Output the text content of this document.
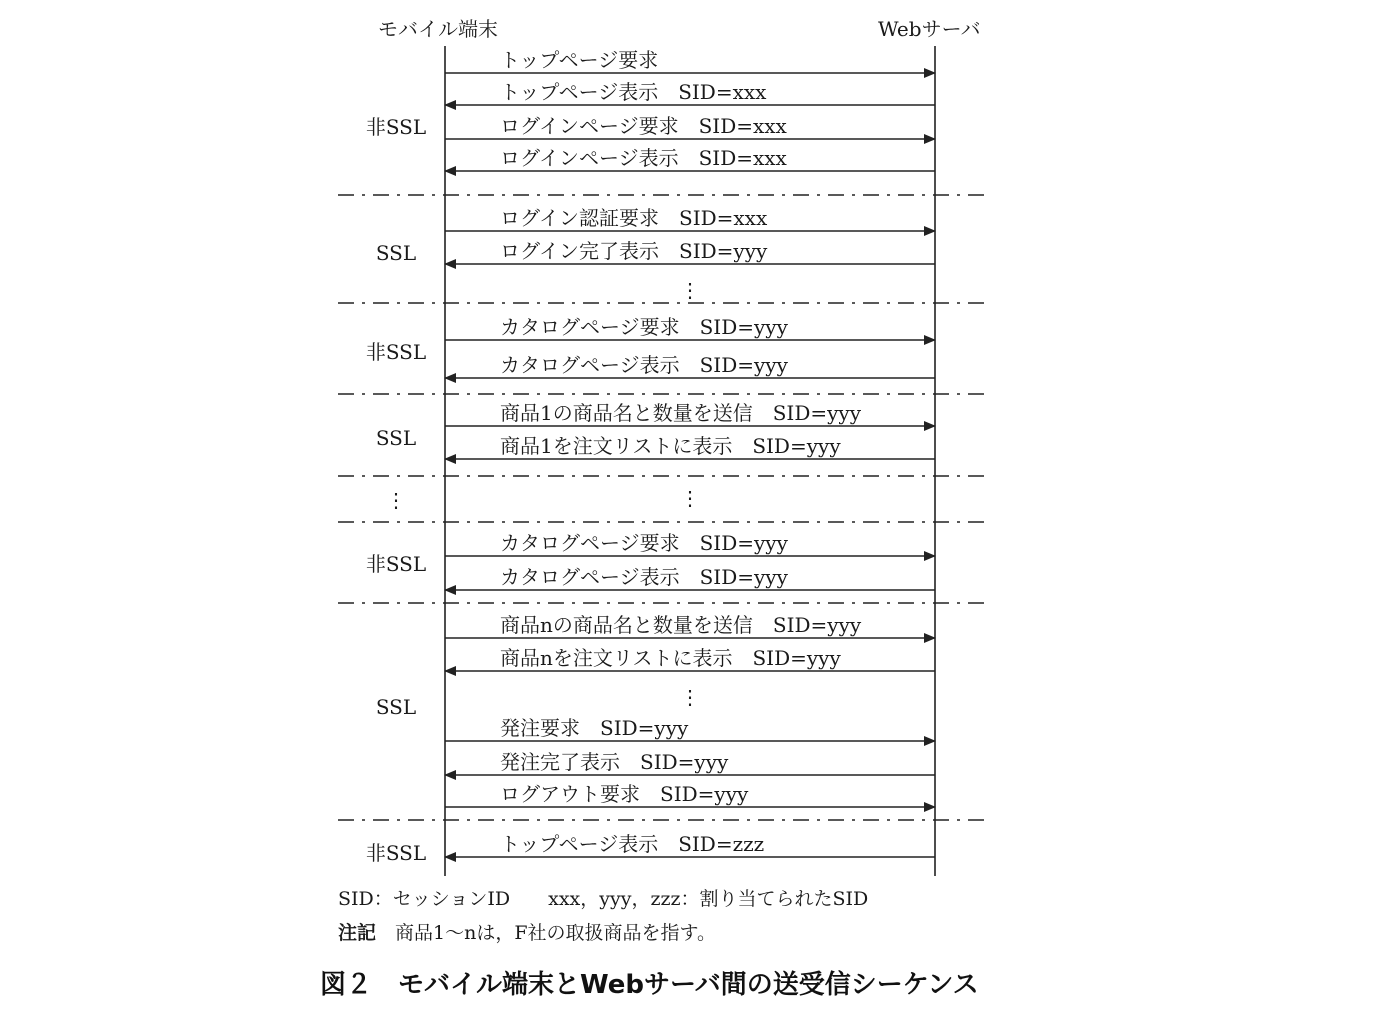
モバイル端末	Webサーバ
非SSL
トップページ要求
トップページ表示　SID=xxx
ログインページ要求　SID=xxx
ログインページ表示　SID=xxx
SSL
ログイン認証要求　SID=xxx
ログイン完了表示　SID=yyy
⋮
非SSL
カタログページ要求　SID=yyy
カタログページ表示　SID=yyy
SSL
商品1の商品名と数量を送信　SID=yyy
商品1を注文リストに表示　SID=yyy
⋮	⋮
非SSL
カタログページ要求　SID=yyy
カタログページ表示　SID=yyy
SSL
商品nの商品名と数量を送信　SID=yyy
商品nを注文リストに表示　SID=yyy
⋮
発注要求　SID=yyy
発注完了表示　SID=yyy
ログアウト要求　SID=yyy
非SSL	トップページ表示　SID=zzz
SID：セッションID　　xxx，yyy，zzz：割り当てられたSID
注記　商品1～nは，F社の取扱商品を指す。
図２　モバイル端末とWebサーバ間の送受信シーケンス
